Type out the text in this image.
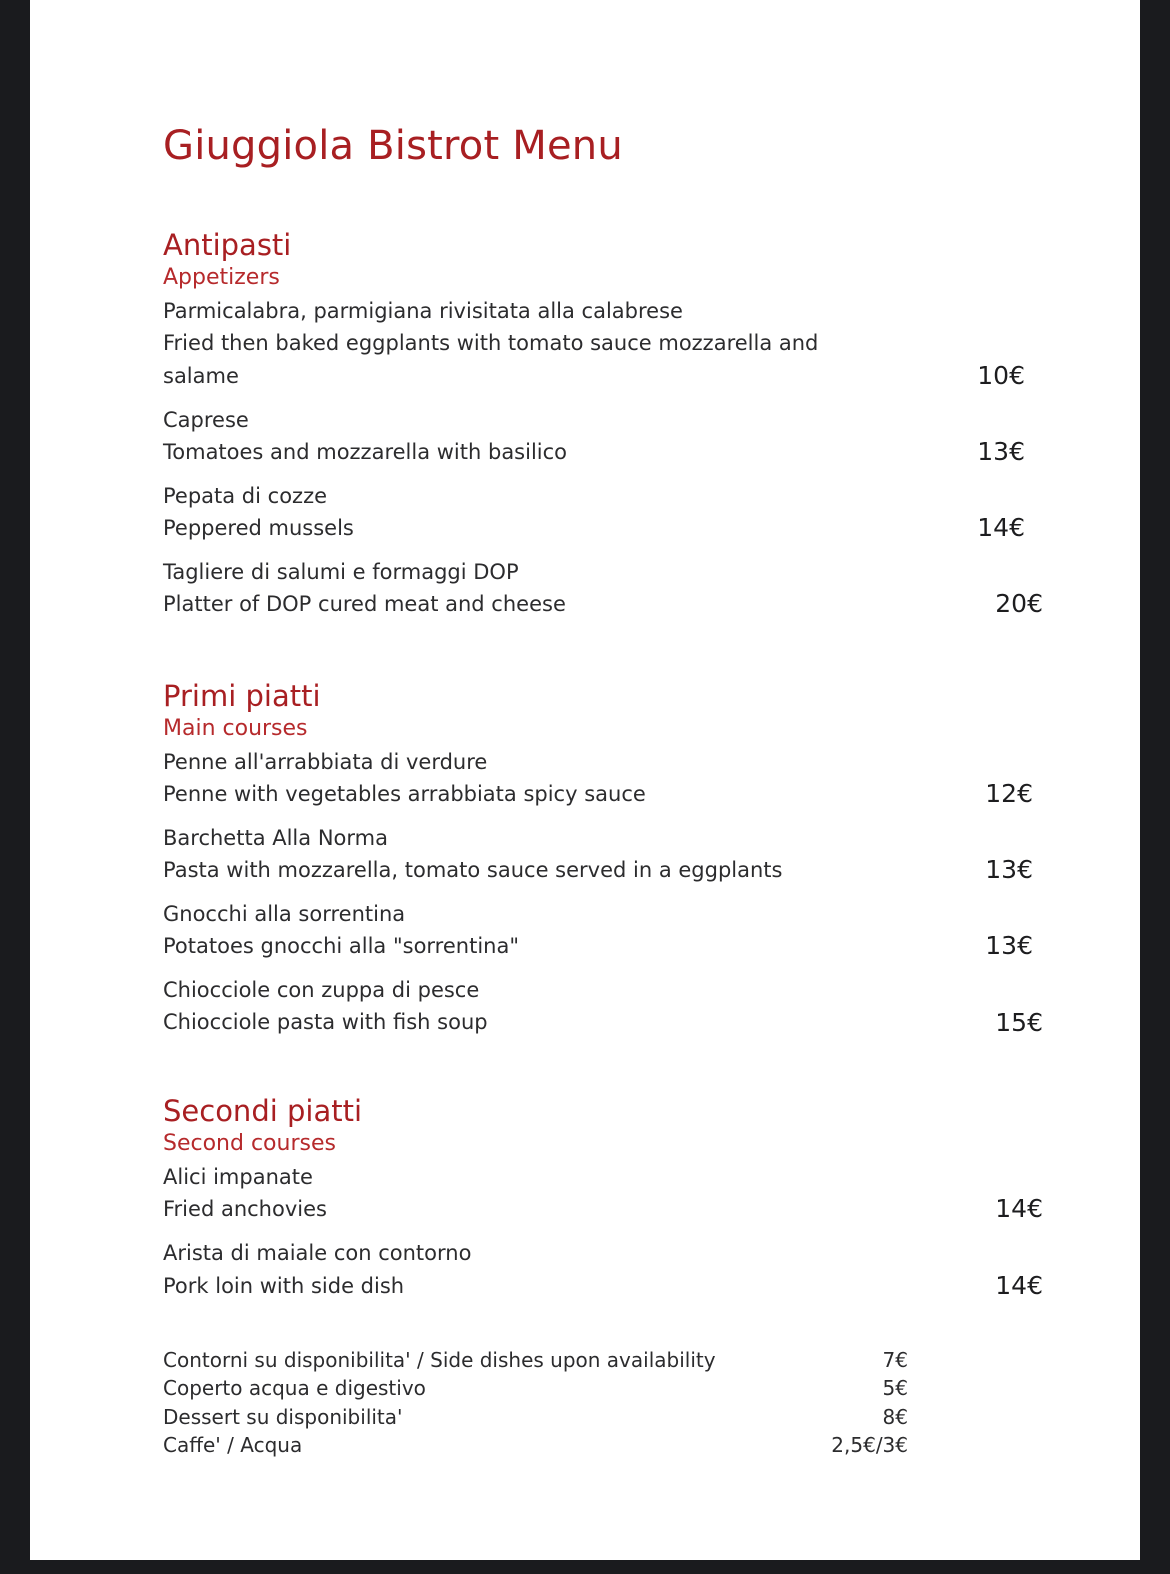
Giuggiola Bistrot Menu
Antipasti
Appetizers

Parmicalabra, parmigiana rivisitata alla calabrese

Fried then baked eggplants with tomato sauce mozzarella and salame	10€

Caprese

Tomatoes and mozzarella with basilico	13€

Pepata di cozze

Peppered mussels	14€

Tagliere di salumi e formaggi DOP

Platter of DOP cured meat and cheese	20€
Primi piatti
Main courses

Penne all'arrabbiata di verdure

Penne with vegetables arrabbiata spicy sauce	12€

Barchetta Alla Norma

Pasta with mozzarella, tomato sauce served in a eggplants	13€

Gnocchi alla sorrentina

Potatoes gnocchi alla "sorrentina"	13€

Chiocciole con zuppa di pesce

Chiocciole pasta with fish soup	15€
Secondi piatti
Second courses

Alici impanate

Fried anchovies	14€

Arista di maiale con contorno

Pork loin with side dish	14€
Contorni su disponibilita' / Side dishes upon availability	7€
Coperto acqua e digestivo	5€
Dessert su disponibilita'	8€
Caffe' / Acqua	2,5€/3€
